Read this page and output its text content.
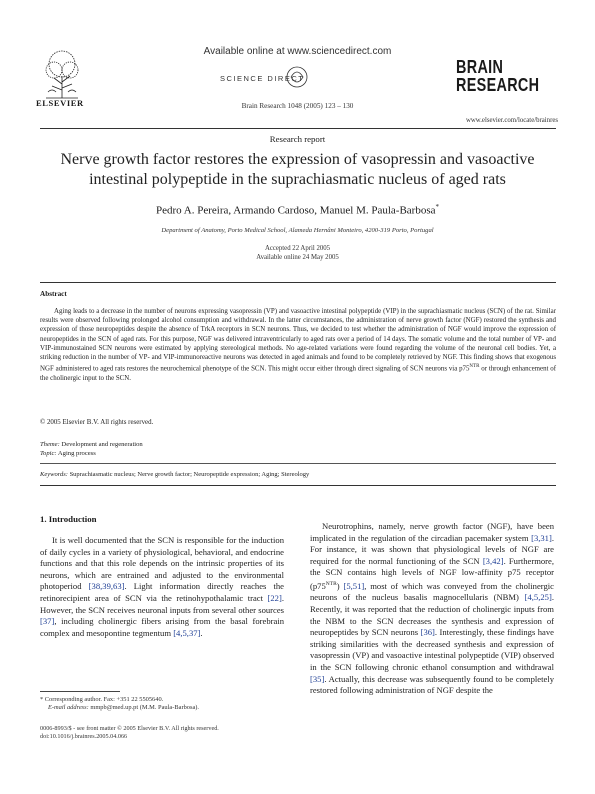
ELSEVIER
Available online at www.sciencedirect.com
SCIENCE DIRECT
Brain Research 1048 (2005) 123 – 130
BRAIN
RESEARCH
www.elsevier.com/locate/brainres
Research report
Nerve growth factor restores the expression of vasopressin and vasoactive intestinal polypeptide in the suprachiasmatic nucleus of aged rats
Pedro A. Pereira, Armando Cardoso, Manuel M. Paula-Barbosa*
Department of Anatomy, Porto Medical School, Alameda Hernâni Monteiro, 4200-319 Porto, Portugal
Accepted 22 April 2005
Available online 24 May 2005
Abstract
Aging leads to a decrease in the number of neurons expressing vasopressin (VP) and vasoactive intestinal polypeptide (VIP) in the suprachiasmatic nucleus (SCN) of the rat. Similar results were observed following prolonged alcohol consumption and withdrawal. In the latter circumstances, the administration of nerve growth factor (NGF) restored the synthesis and expression of those neuropeptides despite the absence of TrkA receptors in SCN neurons. Thus, we decided to test whether the administration of NGF would improve the expression of neuropeptides in the SCN of aged rats. For this purpose, NGF was delivered intraventricularly to aged rats over a period of 14 days. The somatic volume and the total number of VP- and VIP-immunostained SCN neurons were estimated by applying stereological methods. No age-related variations were found regarding the volume of the neuronal cell bodies. Yet, a striking reduction in the number of VP- and VIP-immunoreactive neurons was detected in aged animals and found to be completely retrieved by NGF. This finding shows that exogenous NGF administered to aged rats restores the neurochemical phenotype of the SCN. This might occur either through direct signaling of SCN neurons via $p75^{NTR}$ or through enhancement of the cholinergic input to the SCN.
© 2005 Elsevier B.V. All rights reserved.
Theme: Development and regeneration
Topic: Aging process
Keywords: Suprachiasmatic nucleus; Nerve growth factor; Neuropeptide expression; Aging; Stereology
1. Introduction
It is well documented that the SCN is responsible for the induction of daily cycles in a variety of physiological, behavioral, and endocrine functions and that this role depends on the intrinsic properties of its neurons, which are entrained and adjusted to the environmental photoperiod [38,39,63]. Light information directly reaches the retinorecipient area of SCN via the retinohypothalamic tract [22]. However, the SCN receives neuronal inputs from several other sources [37], including cholinergic fibers arising from the basal forebrain complex and mesopontine tegmentum [4,5,37].
Neurotrophins, namely, nerve growth factor (NGF), have been implicated in the regulation of the circadian pacemaker system [3,31]. For instance, it was shown that physiological levels of NGF are required for the normal functioning of the SCN [3,42]. Furthermore, the SCN contains high levels of NGF low-affinity p75 receptor $(p75^{NTR})$ [5,51], most of which was conveyed from the cholinergic neurons of the nucleus basalis magnocellularis (NBM) [4,5,25]. Recently, it was reported that the reduction of cholinergic inputs from the NBM to the SCN decreases the synthesis and expression of neuropeptides by SCN neurons [36]. Interestingly, these findings have striking similarities with the decreased synthesis and expression of vasopressin (VP) and vasoactive intestinal polypeptide (VIP) observed in the SCN following chronic ethanol consumption and withdrawal [35]. Actually, this decrease was subsequently found to be completely restored following administration of NGF despite the
* Corresponding author. Fax: +351 22 5505640.
E-mail address: mmpb@med.up.pt (M.M. Paula-Barbosa).
0006-8993/$ - see front matter © 2005 Elsevier B.V. All rights reserved.
doi:10.1016/j.brainres.2005.04.066
